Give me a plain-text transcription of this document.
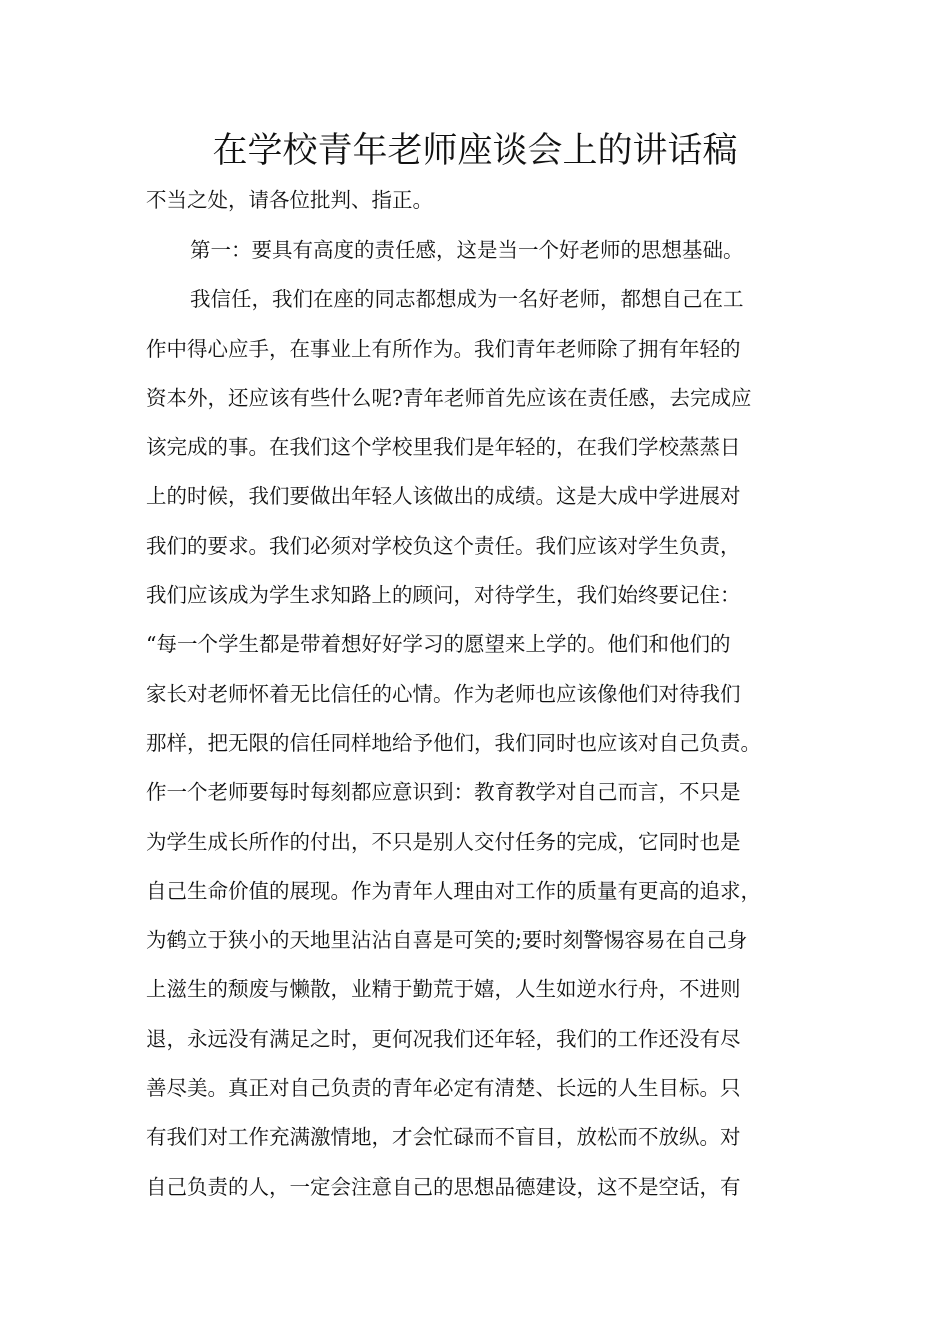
在学校青年老师座谈会上的讲话稿
不当之处，请各位批判、指正。
第一：要具有高度的责任感，这是当一个好老师的思想基础。
我信任，我们在座的同志都想成为一名好老师，都想自己在工
作中得心应手，在事业上有所作为。我们青年老师除了拥有年轻的
资本外，还应该有些什么呢?青年老师首先应该在责任感，去完成应
该完成的事。在我们这个学校里我们是年轻的，在我们学校蒸蒸日
上的时候，我们要做出年轻人该做出的成绩。这是大成中学进展对
我们的要求。我们必须对学校负这个责任。我们应该对学生负责，
我们应该成为学生求知路上的顾问，对待学生，我们始终要记住：
“每一个学生都是带着想好好学习的愿望来上学的。他们和他们的
家长对老师怀着无比信任的心情。作为老师也应该像他们对待我们
那样，把无限的信任同样地给予他们，我们同时也应该对自己负责。
作一个老师要每时每刻都应意识到：教育教学对自己而言，不只是
为学生成长所作的付出，不只是别人交付任务的完成，它同时也是
自己生命价值的展现。作为青年人理由对工作的质量有更高的追求，
为鹤立于狭小的天地里沾沾自喜是可笑的;要时刻警惕容易在自己身
上滋生的颓废与懒散，业精于勤荒于嬉，人生如逆水行舟，不进则
退，永远没有满足之时，更何况我们还年轻，我们的工作还没有尽
善尽美。真正对自己负责的青年必定有清楚、长远的人生目标。只
有我们对工作充满激情地，才会忙碌而不盲目，放松而不放纵。对
自己负责的人，一定会注意自己的思想品德建设，这不是空话，有
